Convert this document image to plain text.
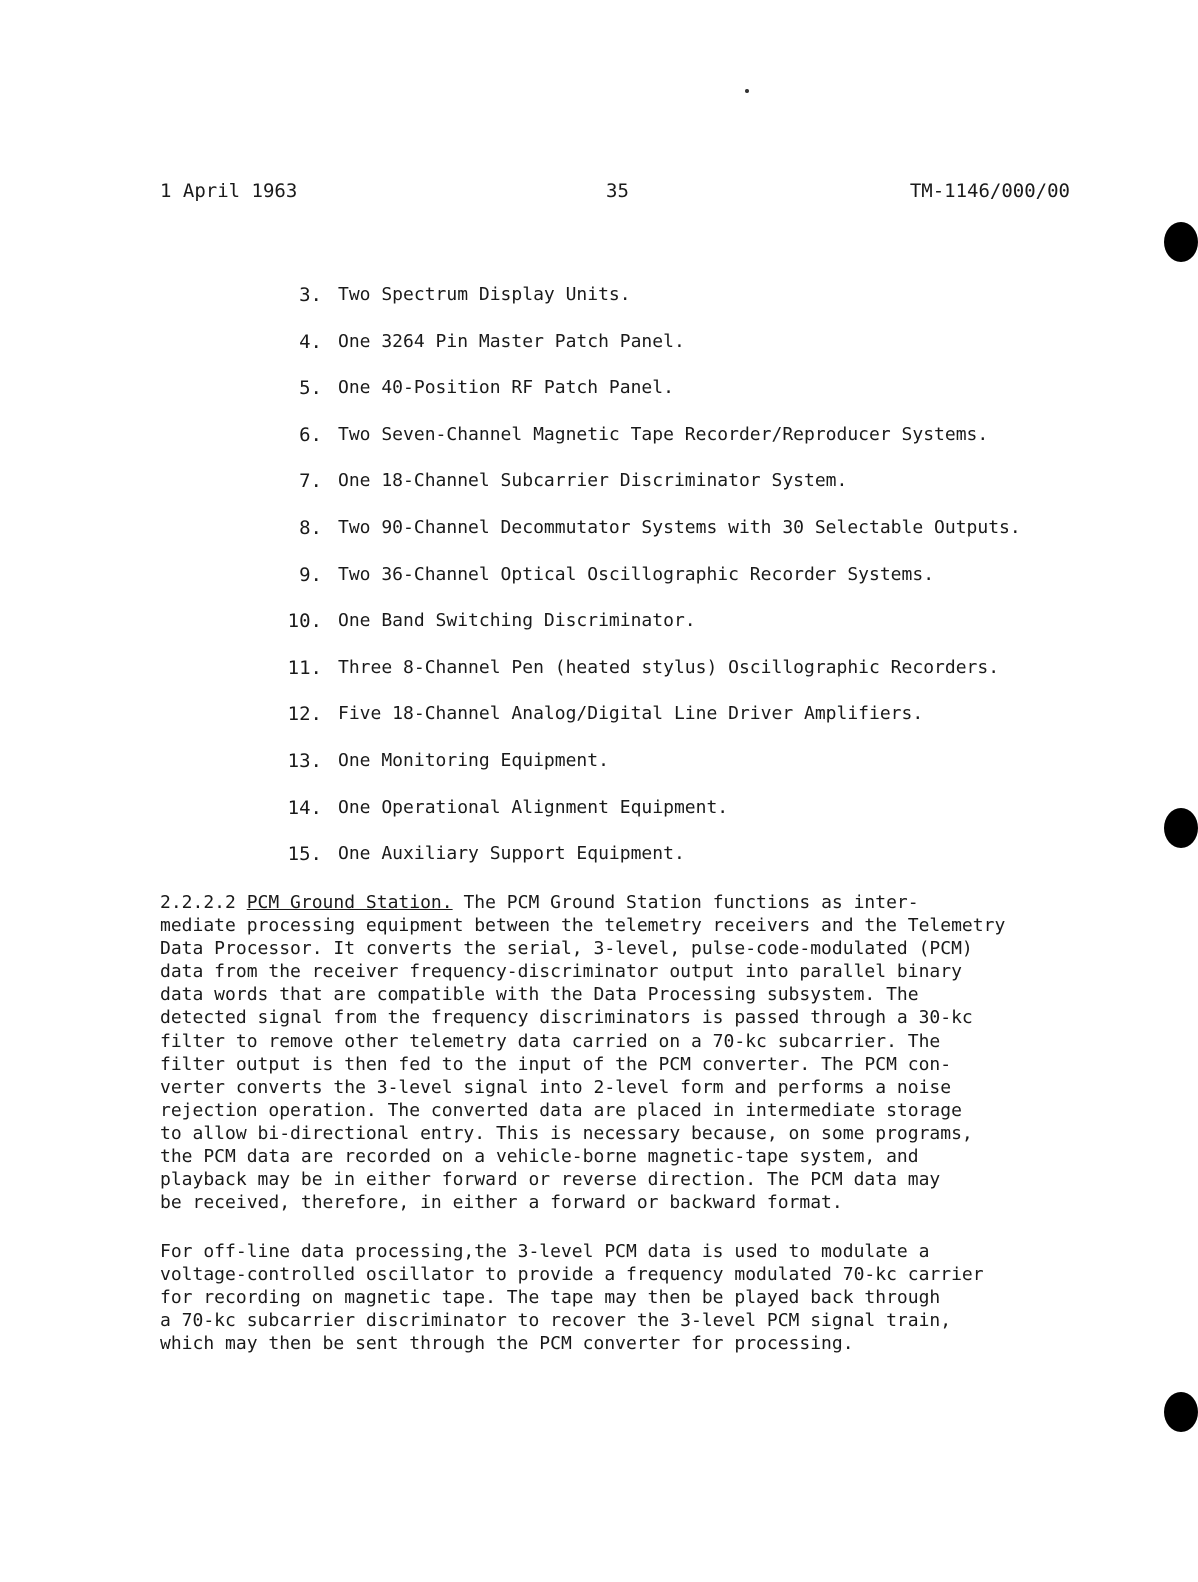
1 April 1963	35	TM-1146/000/00
3. Two Spectrum Display Units.
4. One 3264 Pin Master Patch Panel.
5. One 40-Position RF Patch Panel.
6. Two Seven-Channel Magnetic Tape Recorder/Reproducer Systems.
7. One 18-Channel Subcarrier Discriminator System.
8. Two 90-Channel Decommutator Systems with 30 Selectable Outputs.
9. Two 36-Channel Optical Oscillographic Recorder Systems.
10. One Band Switching Discriminator.
11. Three 8-Channel Pen (heated stylus) Oscillographic Recorders.
12. Five 18-Channel Analog/Digital Line Driver Amplifiers.
13. One Monitoring Equipment.
14. One Operational Alignment Equipment.
15. One Auxiliary Support Equipment.

2.2.2.2 PCM Ground Station. The PCM Ground Station functions as inter-
mediate processing equipment between the telemetry receivers and the Telemetry
Data Processor. It converts the serial, 3-level, pulse-code-modulated (PCM)
data from the receiver frequency-discriminator output into parallel binary
data words that are compatible with the Data Processing subsystem. The
detected signal from the frequency discriminators is passed through a 30-kc
filter to remove other telemetry data carried on a 70-kc subcarrier. The
filter output is then fed to the input of the PCM converter. The PCM con-
verter converts the 3-level signal into 2-level form and performs a noise
rejection operation. The converted data are placed in intermediate storage
to allow bi-directional entry. This is necessary because, on some programs,
the PCM data are recorded on a vehicle-borne magnetic-tape system, and
playback may be in either forward or reverse direction. The PCM data may
be received, therefore, in either a forward or backward format.

For off-line data processing,the 3-level PCM data is used to modulate a
voltage-controlled oscillator to provide a frequency modulated 70-kc carrier
for recording on magnetic tape. The tape may then be played back through
a 70-kc subcarrier discriminator to recover the 3-level PCM signal train,
which may then be sent through the PCM converter for processing.
